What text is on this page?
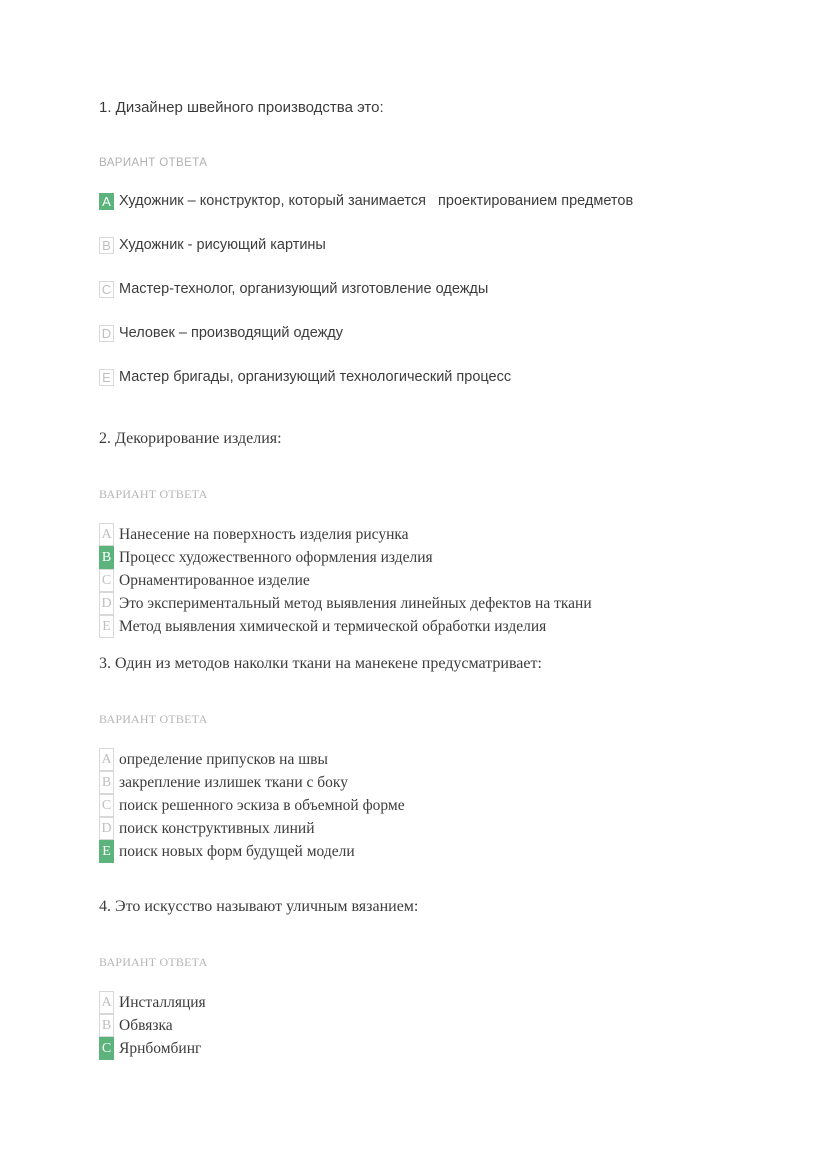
1. Дизайнер швейного производства это:

ВАРИАНТ ОТВЕТА

A Художник – конструктор, который занимается   проектированием предметов
B Художник - рисующий картины
C Мастер-технолог, организующий изготовление одежды
D Человек – производящий одежду
E Мастер бригады, организующий технологический процесс

2. Декорирование изделия:

ВАРИАНТ ОТВЕТА

A Нанесение на поверхность изделия рисунка
B Процесс художественного оформления изделия
C Орнаментированное изделие
D Это экспериментальный метод выявления линейных дефектов на ткани
E Метод выявления химической и термической обработки изделия

3. Один из методов наколки ткани на манекене предусматривает:

ВАРИАНТ ОТВЕТА

A определение припусков на швы
B закрепление излишек ткани с боку
C поиск решенного эскиза в объемной форме
D поиск конструктивных линий
E поиск новых форм будущей модели

4. Это искусство называют уличным вязанием:

ВАРИАНТ ОТВЕТА

A Инсталляция
B Обвязка
C Ярнбомбинг
